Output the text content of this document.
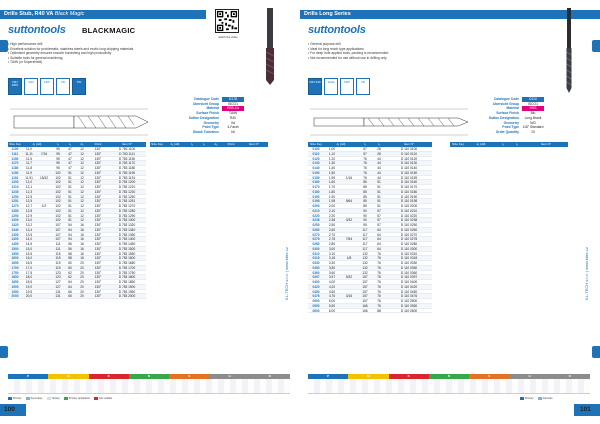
Drills Stub, R40 VA Black Magic
suttontools BLACKMAGIC
• High performance drill
• Excellent solution for problematic, stainless steels and exotic long chipping materials
• Optimised geometry ensures smooth burnishing and high productivity
• Suitable tools for general machining
• TiAlN (or Supershield)
watch the video
DIN 1897
2xD	130°	h8	TiN
Catalogue Code	D178
Ubersicht Group	ISCO1
Material	HSS-Co
Surface Finish	TiAlN
Sutton Designation	R40
Geometry	VA
Point Type	4-Facet
Shank Tolerance	h6
Size Key	d₁ (dd)	l₁	l₂	d₂	Point	Item N°	Size Key	d₁ (dd)	l₁	l₂	d₂	Point	Item N°
1100	11,0	95	47	12	130°	D 783 1100
1111	11,11	7/16	95	47	12	130°	D 783 1111
1150	11,5	95	47	12	130°	D 783 1150
1170	11,7	95	47	12	130°	D 783 1170
1180	11,8	95	47	12	130°	D 783 1180
1190	11,9	102	51	12	130°	D 783 1190
1191	11,91	15/32	102	51	12	130°	D 783 1191
1200	12,0	102	51	12	130°	D 783 1200
1210	12,1	102	51	12	130°	D 783 1210
1230	12,3	102	51	12	130°	D 783 1230
1250	12,5	102	51	12	130°	D 783 1250
1251	12,5	102	51	12	130°	D 783 1251
1270	12,7	1/2	102	51	12	130°	D 783 1270
1280	12,8	102	51	12	130°	D 783 1280
1290	12,9	102	51	12	130°	D 783 1290
1300	13,0	102	51	12	130°	D 783 1300
1320	13,2	107	54	16	130°	D 783 1320
1340	13,4	107	54	16	130°	D 783 1340
1350	13,5	107	54	16	130°	D 783 1350
1400	14,0	107	54	16	130°	D 783 1400
1450	14,5	111	56	16	130°	D 783 1450
1500	15,0	111	56	16	130°	D 783 1500
1550	15,5	115	58	16	130°	D 783 1550
1600	16,0	115	58	16	130°	D 783 1600
1650	16,5	119	60	20	130°	D 783 1650
1700	17,0	119	60	20	130°	D 783 1700
1750	17,5	123	62	20	130°	D 783 1750
1800	18,0	123	62	20	130°	D 783 1800
1850	18,5	127	64	20	130°	D 783 1850
1900	19,0	127	64	20	130°	D 783 1900
1950	19,5	131	66	20	130°	D 783 1950
2000	20,0	131	66	20	130°	D 783 2000	KL-TECH s.r.o. | www.kltec.cz
P	M	K	N	S	H	O
Primary	Secondary	Tertiary	Primary application	Not suitable
100
Drills Long Series
suttontools
• General purpose drill
• Ideal for long reach type applications
• For deep hole applied tools, pecking is recommended
• Not recommended for use without use in drilling only
DIN 340	12xD	118°	h8
Catalogue Code	D110
Ubersicht Group	ISCO1
Material	HSS
Surface Finish	Blu
Sutton Designation	Long Brank
Geometry	N/D
Point Type	118° Standard
Order Quantity	10
Size Key	d₁ (dd)	l₁	l₂	Item N°	Size Key	d₁ (dd)	l₁	l₂	Item N°
0100	1,00	57	28	D 110 0100
0110	1,10	57	28	D 110 0110
0120	1,20	76	44	D 110 0120
0130	1,30	76	44	D 110 0130
0140	1,40	76	44	D 110 0140
0150	1,50	76	44	D 110 0150
0159	1,59	1/16	76	44	D 110 0159
0160	1,60	85	51	D 110 0160
0170	1,70	85	51	D 110 0170
0180	1,80	85	51	D 110 0180
0190	1,90	85	51	D 110 0190
0198	1,98	5/64	85	51	D 110 0198
0200	2,00	85	51	D 110 0200
0210	2,10	90	57	D 110 0210
0220	2,20	90	57	D 110 0220
0238	2,38	3/32	90	57	D 110 0238
0250	2,50	95	57	D 110 0250
0260	2,60	117	64	D 110 0260
0270	2,70	117	64	D 110 0270
0278	2,78	7/64	117	64	D 110 0278
0280	2,80	117	64	D 110 0280
0300	3,00	117	64	D 110 0300
0310	3,10	132	76	D 110 0310
0318	3,18	1/8	132	76	D 110 0318
0330	3,30	132	76	D 110 0330
0350	3,50	132	76	D 110 0350
0360	3,60	132	76	D 110 0360
0397	3,97	5/32	157	76	D 110 0397
0400	4,00	157	76	D 110 0400
0420	4,20	157	76	D 110 0420
0450	4,50	157	76	D 110 0450
0476	4,76	3/16	157	76	D 110 0476
0500	5,00	157	76	D 110 0500
0550	5,50	166	76	D 110 0550
0600	6,00	166	88	D 110 0600
KL-TECH s.r.o. | www.kltec.cz
P	M	K	N	S	H	O
Primary	Alternate
101
